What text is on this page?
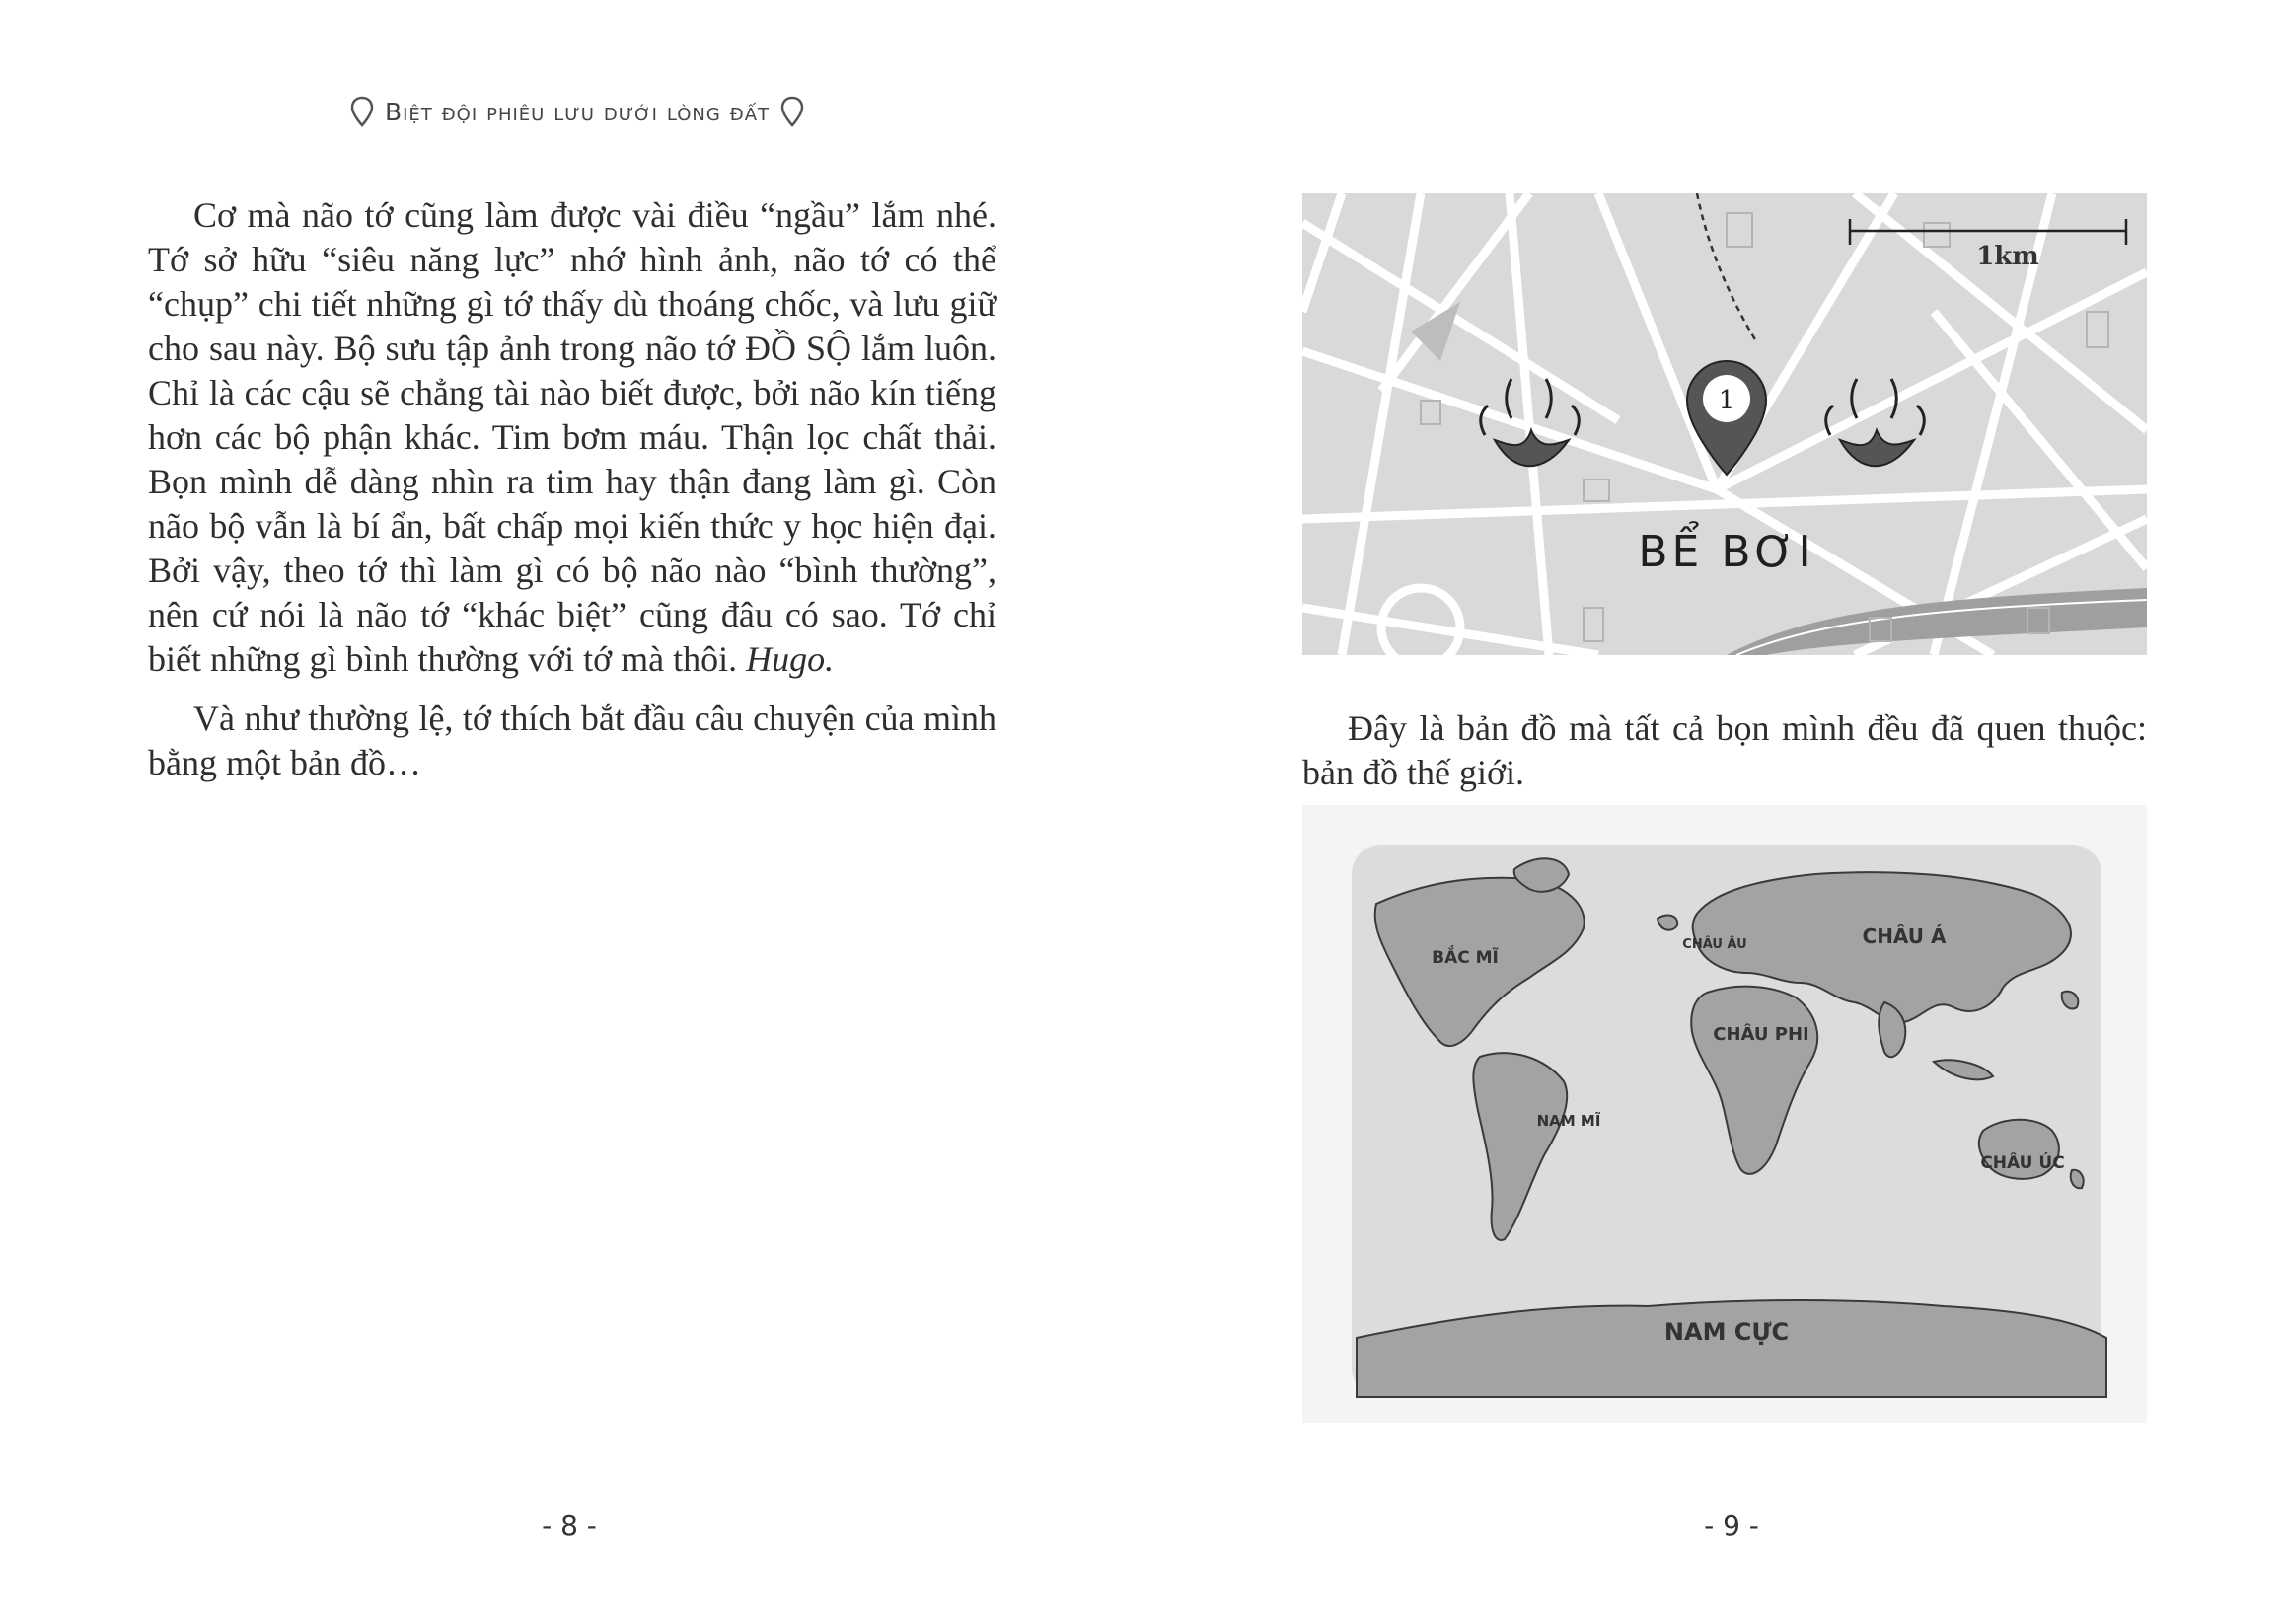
Biệt đội phiêu lưu dưới lòng đất

Cơ mà não tớ cũng làm được vài điều “ngầu” lắm nhé. Tớ sở hữu “siêu năng lực” nhớ hình ảnh, não tớ có thể “chụp” chi tiết những gì tớ thấy dù thoáng chốc, và lưu giữ cho sau này. Bộ sưu tập ảnh trong não tớ ĐỒ SỘ lắm luôn. Chỉ là các cậu sẽ chẳng tài nào biết được, bởi não kín tiếng hơn các bộ phận khác. Tim bơm máu. Thận lọc chất thải. Bọn mình dễ dàng nhìn ra tim hay thận đang làm gì. Còn não bộ vẫn là bí ẩn, bất chấp mọi kiến thức y học hiện đại. Bởi vậy, theo tớ thì làm gì có bộ não nào “bình thường”, nên cứ nói là não tớ “khác biệt” cũng đâu có sao. Tớ chỉ biết những gì bình thường với tớ mà thôi. Hugo.

Và như thường lệ, tớ thích bắt đầu câu chuyện của mình bằng một bản đồ…

- 8 -
1km
1
BỂ BƠI

Đây là bản đồ mà tất cả bọn mình đều đã quen thuộc: bản đồ thế giới.

BẮC MĨ
CHÂU ÂU	CHÂU Á
CHÂU PHI
NAM MĨ
CHÂU ÚC
NAM CỰC
- 9 -
